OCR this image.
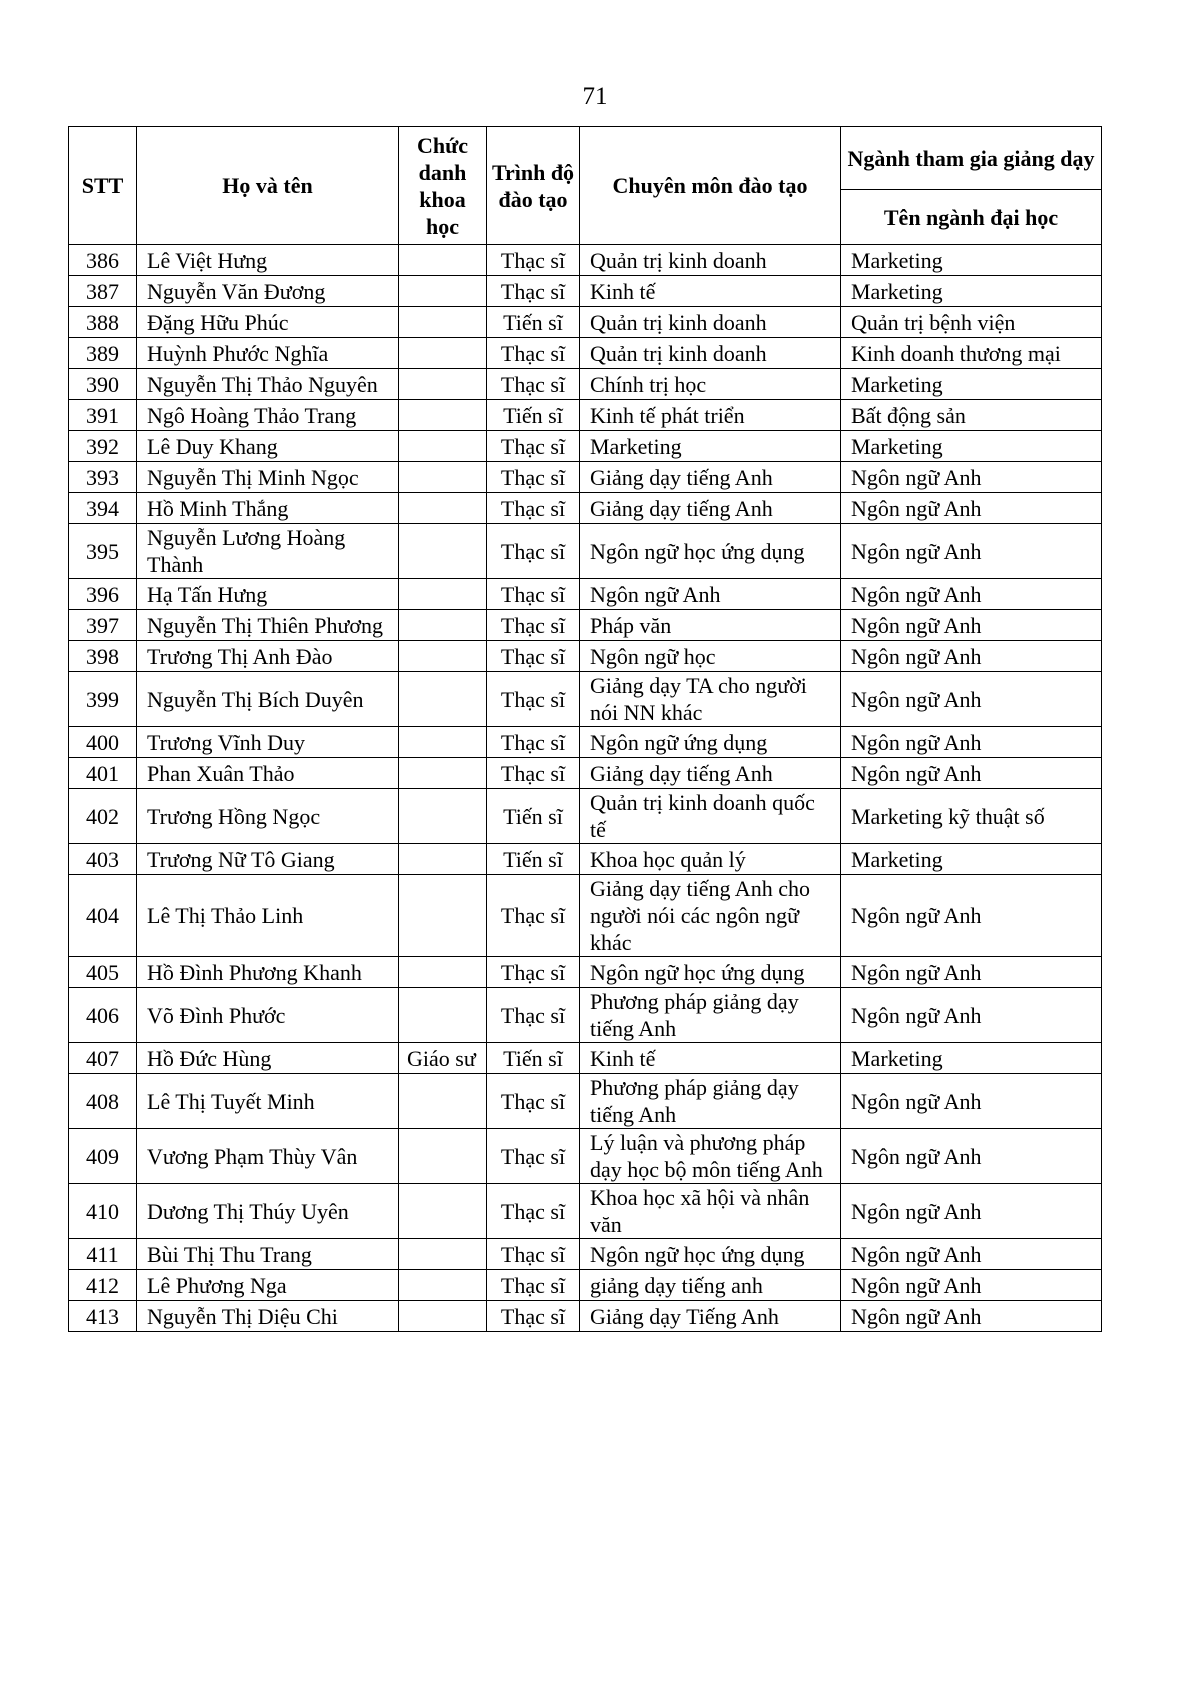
71
STT	Họ và tên	Chức danh khoa học	Trình độ đào tạo	Chuyên môn đào tạo	Ngành tham gia giảng dạy
					Tên ngành đại học
386	Lê Việt Hưng		Thạc sĩ	Quản trị kinh doanh	Marketing
387	Nguyễn Văn Đương		Thạc sĩ	Kinh tế	Marketing
388	Đặng Hữu Phúc		Tiến sĩ	Quản trị kinh doanh	Quản trị bệnh viện
389	Huỳnh Phước Nghĩa		Thạc sĩ	Quản trị kinh doanh	Kinh doanh thương mại
390	Nguyễn Thị Thảo Nguyên		Thạc sĩ	Chính trị học	Marketing
391	Ngô Hoàng Thảo Trang		Tiến sĩ	Kinh tế phát triển	Bất động sản
392	Lê Duy Khang		Thạc sĩ	Marketing	Marketing
393	Nguyễn Thị Minh Ngọc		Thạc sĩ	Giảng dạy tiếng Anh	Ngôn ngữ Anh
394	Hồ Minh Thắng		Thạc sĩ	Giảng dạy tiếng Anh	Ngôn ngữ Anh
395	Nguyễn Lương Hoàng Thành		Thạc sĩ	Ngôn ngữ học ứng dụng	Ngôn ngữ Anh
396	Hạ Tấn Hưng		Thạc sĩ	Ngôn ngữ Anh	Ngôn ngữ Anh
397	Nguyễn Thị Thiên Phương		Thạc sĩ	Pháp văn	Ngôn ngữ Anh
398	Trương Thị Anh Đào		Thạc sĩ	Ngôn ngữ học	Ngôn ngữ Anh
399	Nguyễn Thị Bích Duyên		Thạc sĩ	Giảng dạy TA cho người nói NN khác	Ngôn ngữ Anh
400	Trương Vĩnh Duy		Thạc sĩ	Ngôn ngữ ứng dụng	Ngôn ngữ Anh
401	Phan Xuân Thảo		Thạc sĩ	Giảng dạy tiếng Anh	Ngôn ngữ Anh
402	Trương Hồng Ngọc		Tiến sĩ	Quản trị kinh doanh quốc tế	Marketing kỹ thuật số
403	Trương Nữ Tô Giang		Tiến sĩ	Khoa học quản lý	Marketing
404	Lê Thị Thảo Linh		Thạc sĩ	Giảng dạy tiếng Anh cho người nói các ngôn ngữ khác	Ngôn ngữ Anh
405	Hồ Đình Phương Khanh		Thạc sĩ	Ngôn ngữ học ứng dụng	Ngôn ngữ Anh
406	Võ Đình Phước		Thạc sĩ	Phương pháp giảng dạy tiếng Anh	Ngôn ngữ Anh
407	Hồ Đức Hùng	Giáo sư	Tiến sĩ	Kinh tế	Marketing
408	Lê Thị Tuyết Minh		Thạc sĩ	Phương pháp giảng dạy tiếng Anh	Ngôn ngữ Anh
409	Vương Phạm Thùy Vân		Thạc sĩ	Lý luận và phương pháp dạy học bộ môn tiếng Anh	Ngôn ngữ Anh
410	Dương Thị Thúy Uyên		Thạc sĩ	Khoa học xã hội và nhân văn	Ngôn ngữ Anh
411	Bùi Thị Thu Trang		Thạc sĩ	Ngôn ngữ học ứng dụng	Ngôn ngữ Anh
412	Lê Phương Nga		Thạc sĩ	giảng dạy tiếng anh	Ngôn ngữ Anh
413	Nguyễn Thị Diệu Chi		Thạc sĩ	Giảng dạy Tiếng Anh	Ngôn ngữ Anh
